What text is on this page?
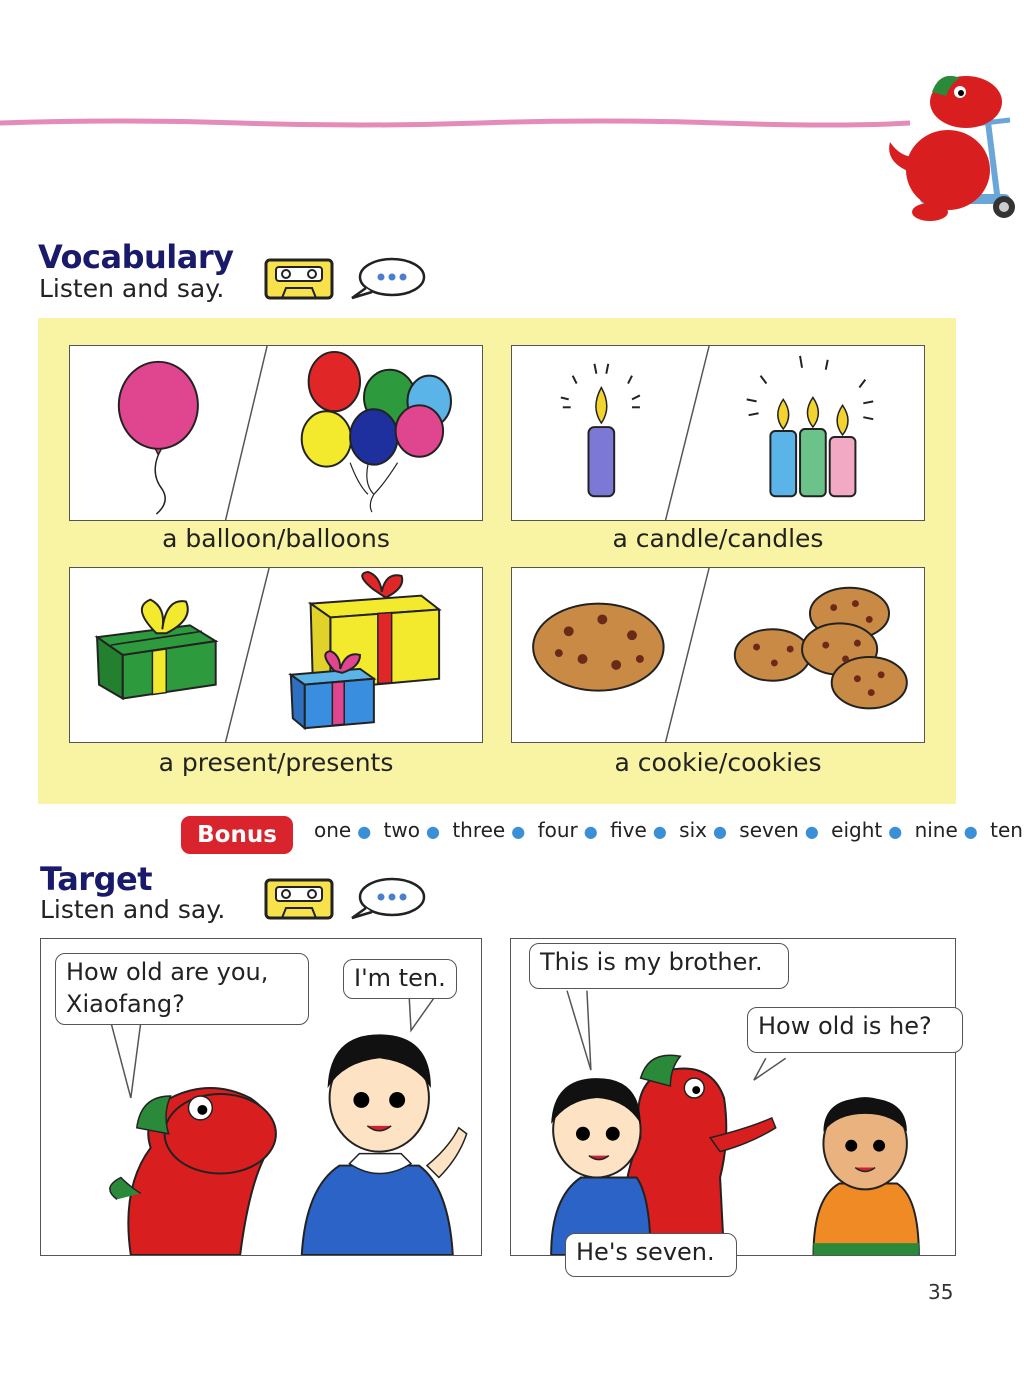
Vocabulary
Listen and say.
a balloon/balloons	a candle/candles
a present/presents	a cookie/cookies
Bonus	one ● two ● three ● four ● five ● six ● seven ● eight ● nine ● ten
Target
Listen and say.
How old are you,
Xiaofang?
I'm ten.
This is my brother.
How old is he?
He's seven.
35
